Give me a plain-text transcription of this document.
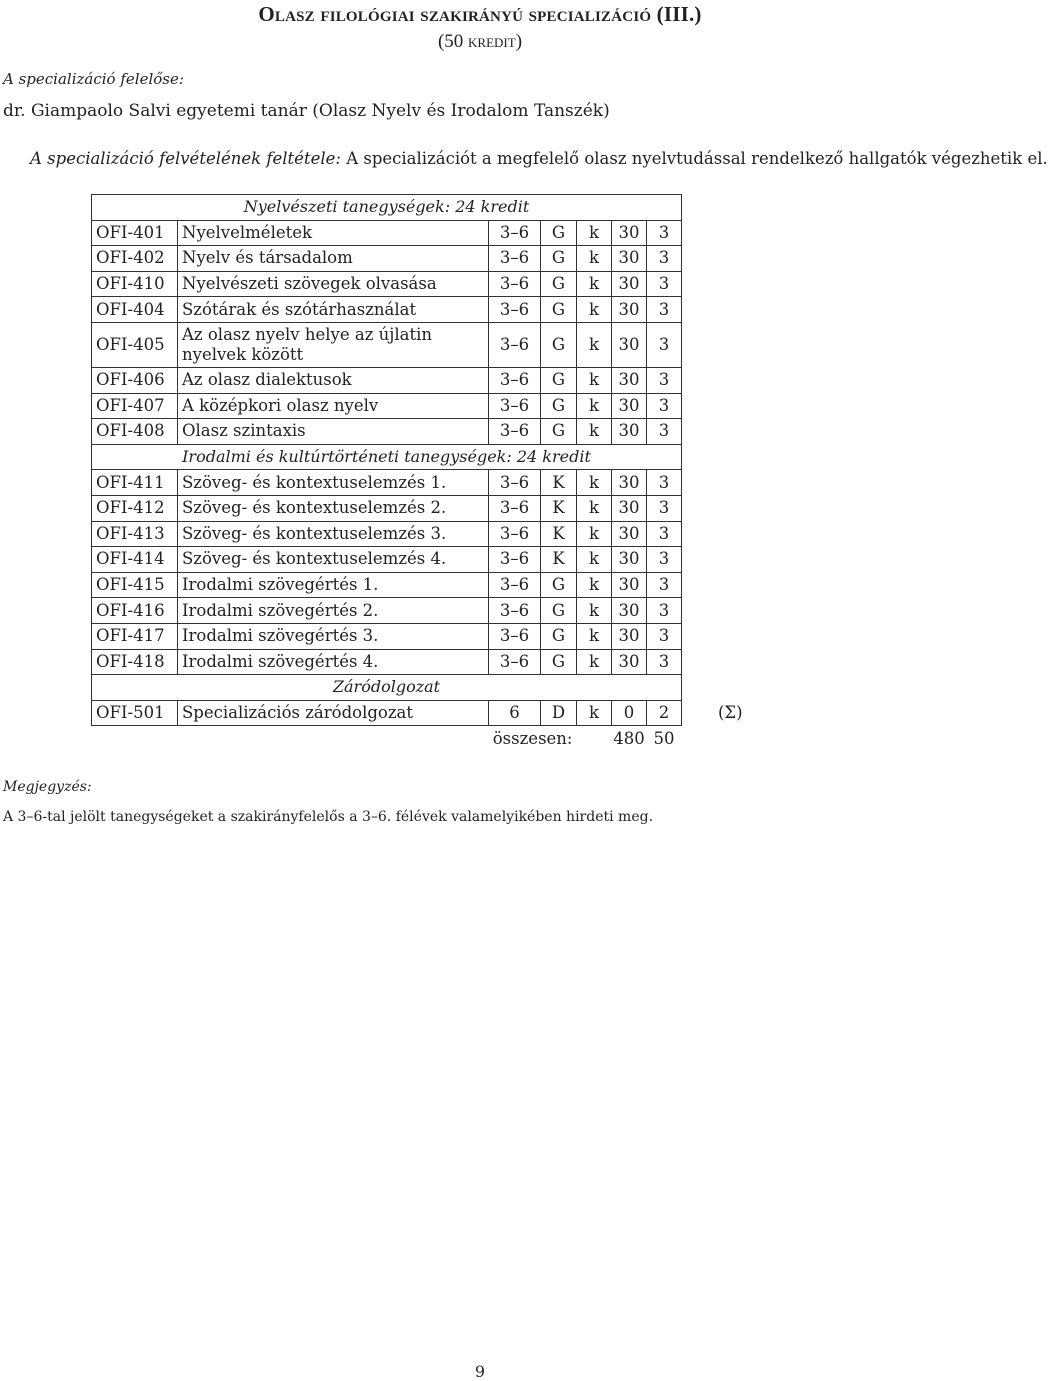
Olasz filológiai szakirányú specializáció (III.)
(50 kredit)
A specializáció felelőse:
dr. Giampaolo Salvi egyetemi tanár (Olasz Nyelv és Irodalom Tanszék)
A specializáció felvételének feltétele: A specializációt a megfelelő olasz nyelvtudással rendelkező hallgatók végezhetik el.
Nyelvészeti tanegységek: 24 kredit							
OFI-401	Nyelvelméletek	3–6	G	k	30	3	
OFI-402	Nyelv és társadalom	3–6	G	k	30	3	
OFI-410	Nyelvészeti szövegek olvasása	3–6	G	k	30	3	
OFI-404	Szótárak és szótárhasználat	3–6	G	k	30	3	
OFI-405	Az olasz nyelv helye az újlatin nyelvek között	3–6	G	k	30	3	
OFI-406	Az olasz dialektusok	3–6	G	k	30	3	
OFI-407	A középkori olasz nyelv	3–6	G	k	30	3	
OFI-408	Olasz szintaxis	3–6	G	k	30	3	
Irodalmi és kultúrtörténeti tanegységek: 24 kredit							
OFI-411	Szöveg- és kontextuselemzés 1.	3–6	K	k	30	3	
OFI-412	Szöveg- és kontextuselemzés 2.	3–6	K	k	30	3	
OFI-413	Szöveg- és kontextuselemzés 3.	3–6	K	k	30	3	
OFI-414	Szöveg- és kontextuselemzés 4.	3–6	K	k	30	3	
OFI-415	Irodalmi szövegértés 1.	3–6	G	k	30	3	
OFI-416	Irodalmi szövegértés 2.	3–6	G	k	30	3	
OFI-417	Irodalmi szövegértés 3.	3–6	G	k	30	3	
OFI-418	Irodalmi szövegértés 4.	3–6	G	k	30	3	
Záródolgozat							
OFI-501	Specializációs záródolgozat	6	D	k	0	2	(Σ)
	összesen:				480	50	
Megjegyzés:
A 3–6-tal jelölt tanegységeket a szakirányfelelős a 3–6. félévek valamelyikében hirdeti meg.
9
